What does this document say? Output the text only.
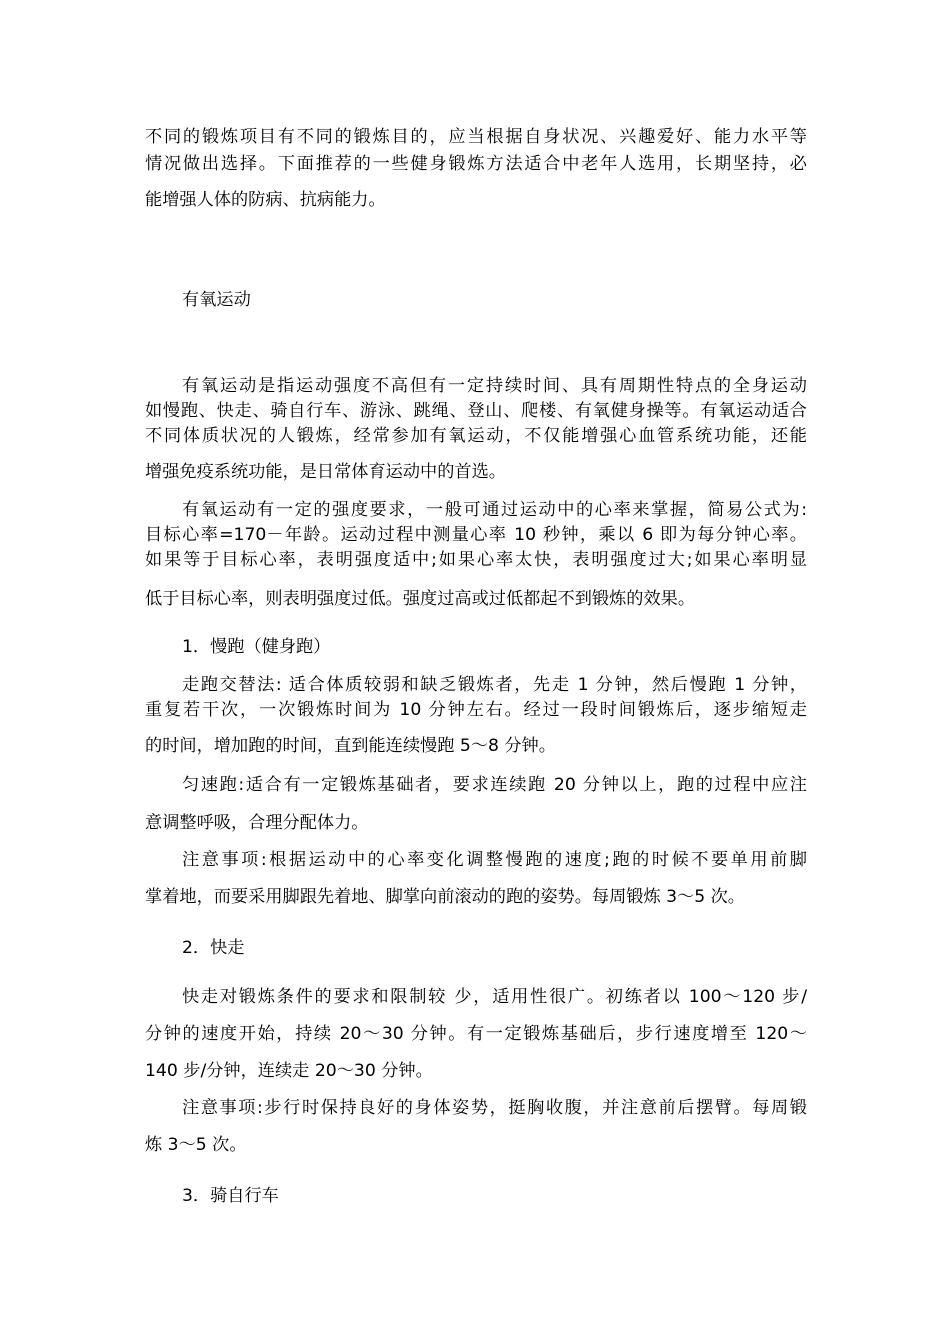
不同的锻炼项目有不同的锻炼目的，应当根据自身状况、兴趣爱好、能力水平等
情况做出选择。下面推荐的一些健身锻炼方法适合中老年人选用，长期坚持，必
能增强人体的防病、抗病能力。
有氧运动
有氧运动是指运动强度不高但有一定持续时间、具有周期性特点的全身运动
如慢跑、快走、骑自行车、游泳、跳绳、登山、爬楼、有氧健身操等。有氧运动适合
不同体质状况的人锻炼，经常参加有氧运动，不仅能增强心血管系统功能，还能
增强免疫系统功能，是日常体育运动中的首选。
有氧运动有一定的强度要求，一般可通过运动中的心率来掌握，简易公式为:
目标心率=170－年龄。运动过程中测量心率 10 秒钟，乘以 6 即为每分钟心率。
如果等于目标心率，表明强度适中;如果心率太快，表明强度过大;如果心率明显
低于目标心率，则表明强度过低。强度过高或过低都起不到锻炼的效果。
1．慢跑（健身跑）
走跑交替法: 适合体质较弱和缺乏锻炼者，先走 1 分钟，然后慢跑 1 分钟，
重复若干次，一次锻炼时间为 10 分钟左右。经过一段时间锻炼后，逐步缩短走
的时间，增加跑的时间，直到能连续慢跑 5～8 分钟。
匀速跑:适合有一定锻炼基础者，要求连续跑 20 分钟以上，跑的过程中应注
意调整呼吸，合理分配体力。
注意事项:根据运动中的心率变化调整慢跑的速度;跑的时候不要单用前脚
掌着地，而要采用脚跟先着地、脚掌向前滚动的跑的姿势。每周锻炼 3～5 次。
2．快走
快走对锻炼条件的要求和限制较 少，适用性很广。初练者以 100～120 步/
分钟的速度开始，持续 20～30 分钟。有一定锻炼基础后，步行速度增至 120～
140 步/分钟，连续走 20～30 分钟。
注意事项:步行时保持良好的身体姿势，挺胸收腹，并注意前后摆臂。每周锻
炼 3～5 次。
3．骑自行车
